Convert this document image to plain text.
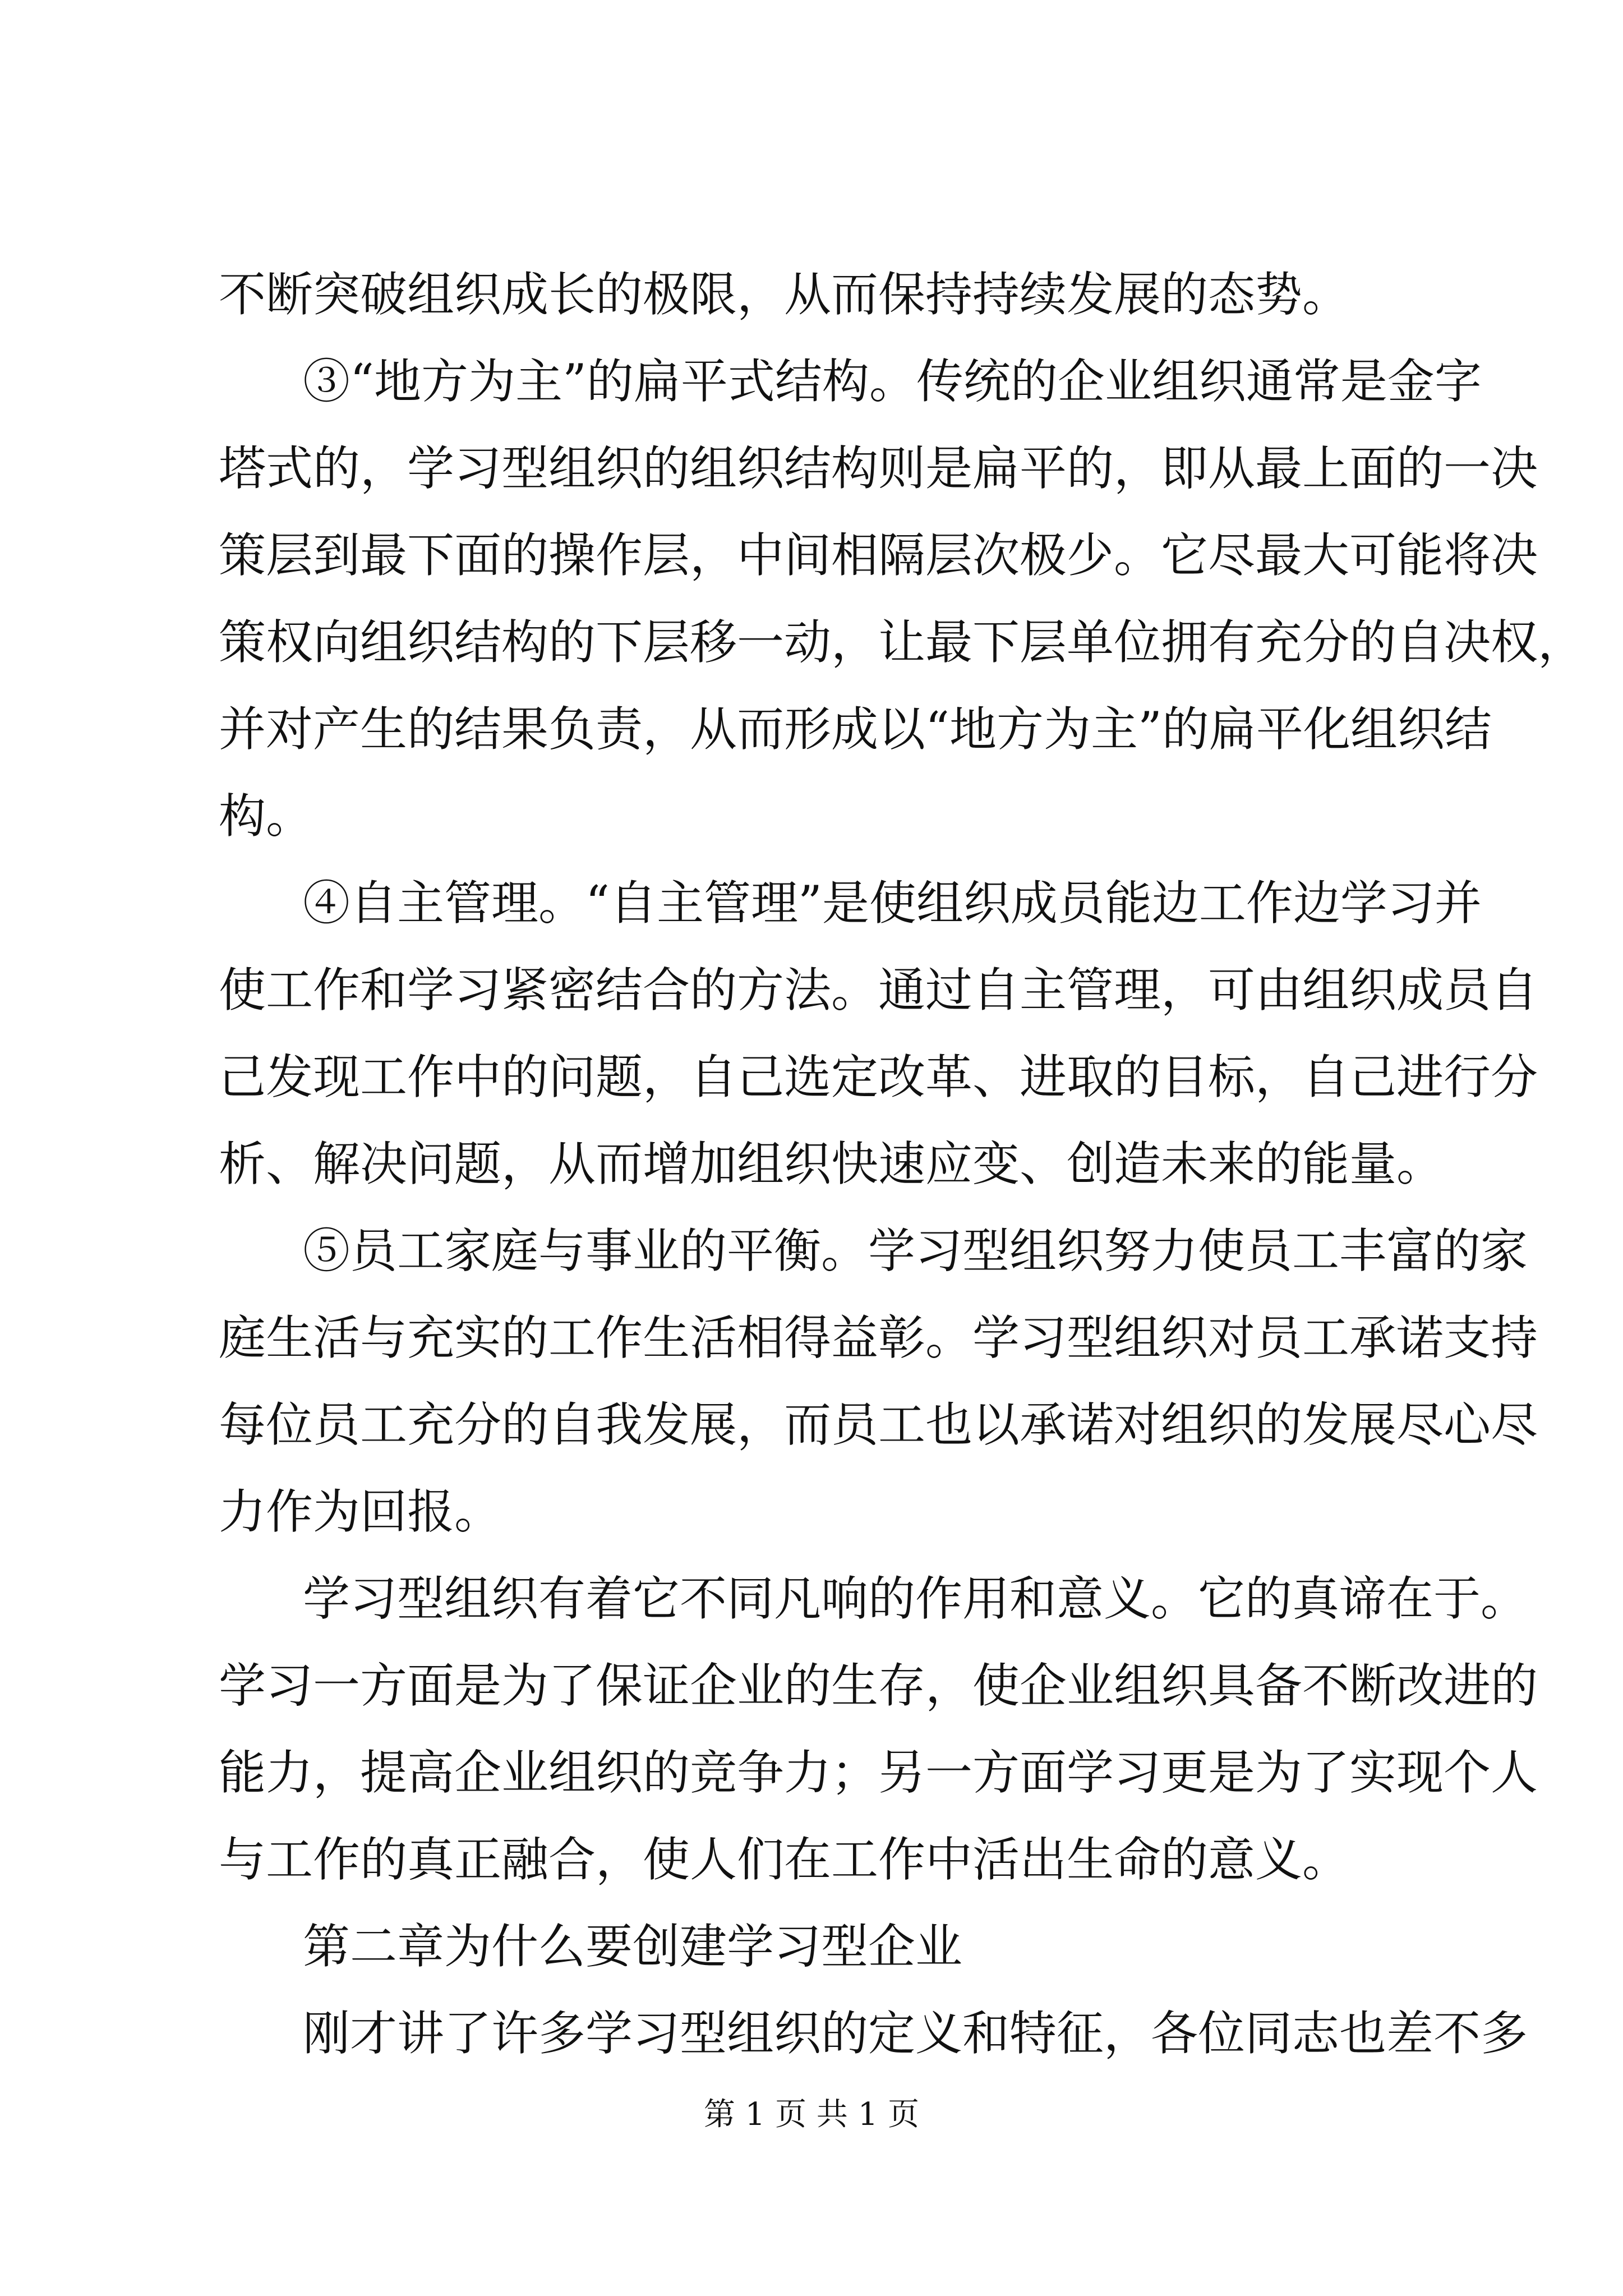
不断突破组织成长的极限，从而保持持续发展的态势。
③“地方为主”的扁平式结构。传统的企业组织通常是金字
塔式的，学习型组织的组织结构则是扁平的，即从最上面的一决
策层到最下面的操作层，中间相隔层次极少。它尽最大可能将决
策权向组织结构的下层移一动，让最下层单位拥有充分的自决权，
并对产生的结果负责，从而形成以“地方为主”的扁平化组织结
构。
④自主管理。“自主管理”是使组织成员能边工作边学习并
使工作和学习紧密结合的方法。通过自主管理，可由组织成员自
己发现工作中的问题，自己选定改革、进取的目标，自己进行分
析、解决问题，从而增加组织快速应变、创造未来的能量。
⑤员工家庭与事业的平衡。学习型组织努力使员工丰富的家
庭生活与充实的工作生活相得益彰。学习型组织对员工承诺支持
每位员工充分的自我发展，而员工也以承诺对组织的发展尽心尽
力作为回报。
学习型组织有着它不同凡响的作用和意义。它的真谛在于。
学习一方面是为了保证企业的生存，使企业组织具备不断改进的
能力，提高企业组织的竞争力；另一方面学习更是为了实现个人
与工作的真正融合，使人们在工作中活出生命的意义。
第二章为什么要创建学习型企业
刚才讲了许多学习型组织的定义和特征，各位同志也差不多
第 1 页 共 1 页
